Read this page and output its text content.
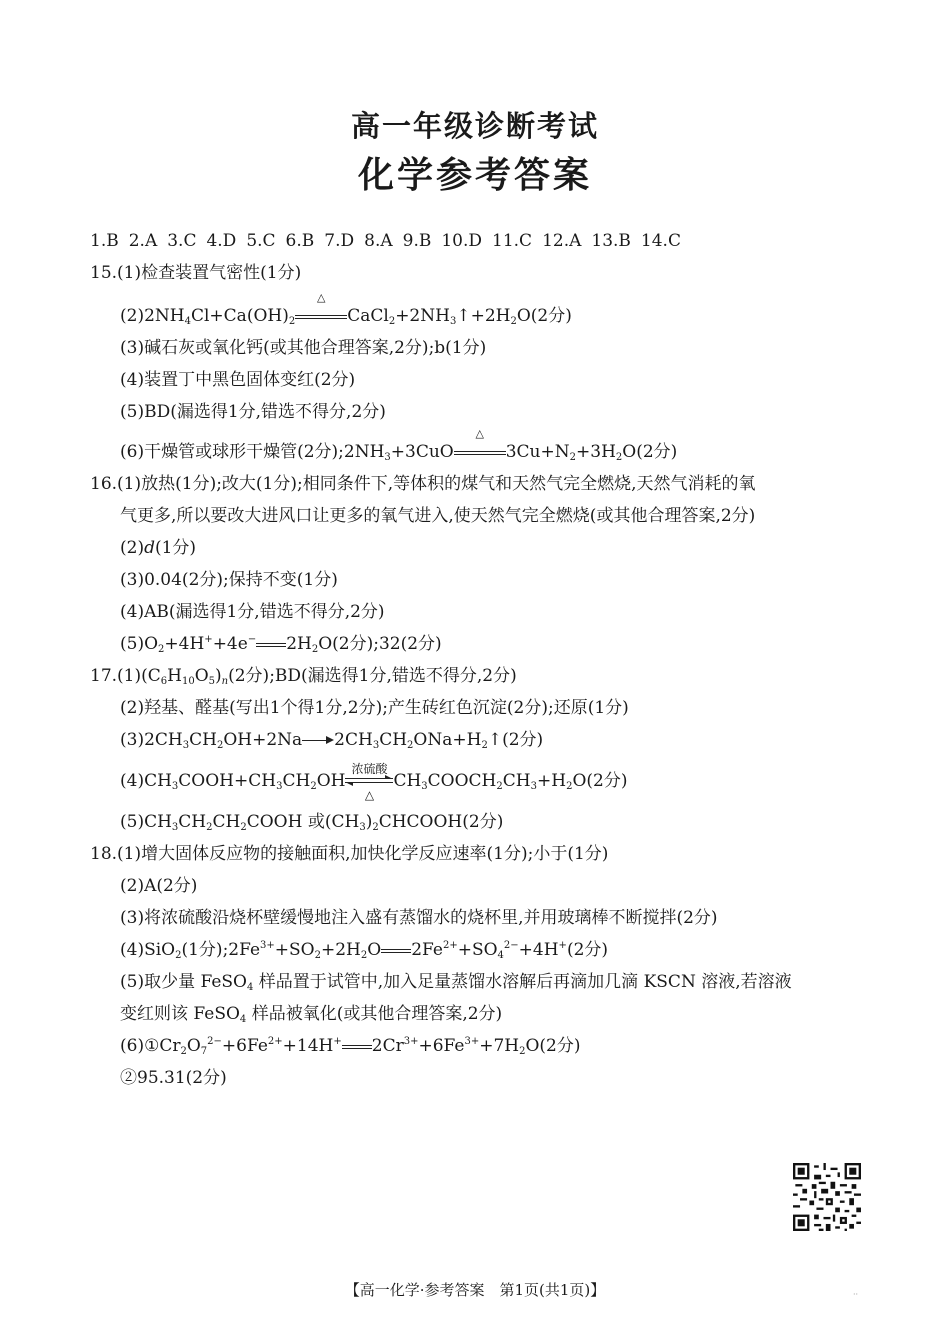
高一年级诊断考试
化学参考答案
1.B 2.A 3.C 4.D 5.C 6.B 7.D 8.A 9.B 10.D 11.C 12.A 13.B 14.C
15.(1)检查装置气密性(1分)
$(2)2NH_4Cl+Ca(OH)_2$
△
$CaCl_2+2NH_3↑+2H_2O(2$分)
(3)碱石灰或氧化钙(或其他合理答案,2分);b(1分)
(4)装置丁中黑色固体变红(2分)
(5)BD(漏选得1分,错选不得分,2分)
(6)干燥管或球形干燥管(2分)$;2NH_3+3CuO$
△
$3Cu+N_2+3H_2O(2$分)
16.(1)放热(1分);改大(1分);相同条件下,等体积的煤气和天然气完全燃烧,天然气消耗的氧
气更多,所以要改大进风口让更多的氧气进入,使天然气完全燃烧(或其他合理答案,2分)
(2)d(1分)
(3)0.04(2分);保持不变(1分)
(4)AB(漏选得1分,错选不得分,2分)
$(5)O_2+4H^++4e^-$ $2H_2O(2$分);32(2分)
$17.(1)(C_6H_{10}O_5)_n(2$分);BD(漏选得1分,错选不得分,2分)
(2)羟基、醛基(写出1个得1分,2分);产生砖红色沉淀(2分);还原(1分)
$(3)2CH_3CH_2OH+2Na$ $2CH_3CH_2ONa+H_2↑(2$分)
$(4)CH_3COOH+CH_3CH_2OH$
浓硫酸
△
$CH_3COOCH_2CH_3+H_2O(2$分)
$(5)CH_3CH_2CH_2COOH$ 或$(CH_3)_2CHCOOH(2$分)
18.(1)增大固体反应物的接触面积,加快化学反应速率(1分);小于(1分)
(2)A(2分)
(3)将浓硫酸沿烧杯壁缓慢地注入盛有蒸馏水的烧杯里,并用玻璃棒不断搅拌(2分)
(4)SiO$_2$(1分)$;2Fe^{3+}+SO_2+2H_2O$ $2Fe^{2+}+SO_4^{2-}+4H^+(2$分)
(5)取少量 FeSO$_4$ 样品置于试管中,加入足量蒸馏水溶解后再滴加几滴 KSCN 溶液,若溶液
变红则该 FeSO$_4$ 样品被氧化(或其他合理答案,2分)
$(6)①Cr_2O_7^{2-}+6Fe^{2+}+14H^+$ $2Cr^{3+}+6Fe^{3+}+7H_2O(2$分)
②95.31(2分)
【高一化学·参考答案　第1页(共1页)】	··
